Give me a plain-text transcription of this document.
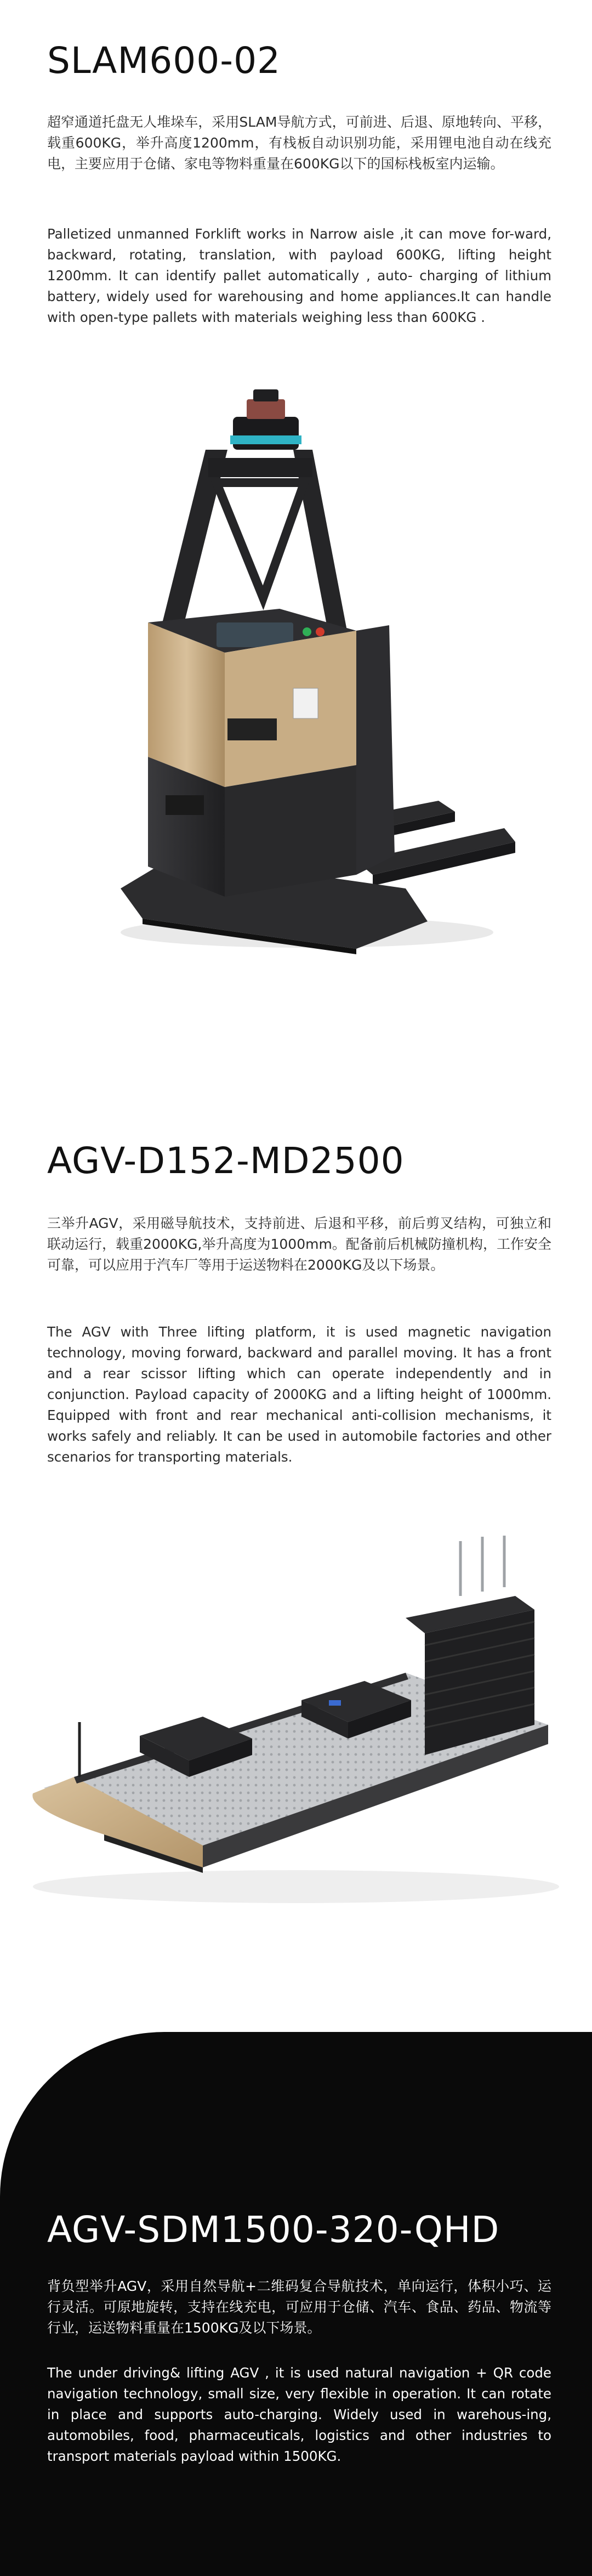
SLAM600-02

超窄通道托盘无人堆垛车，采用SLAM导航方式，可前进、后退、原地转向、平移，载重600KG，举升高度1200mm，有栈板自动识别功能，采用锂电池自动在线充电，主要应用于仓储、家电等物料重量在600KG以下的国标栈板室内运输。

Palletized unmanned Forklift works in Narrow aisle ,it can move for-ward, backward, rotating, translation, with payload 600KG, lifting height 1200mm. It can identify pallet automatically , auto- charging of lithium battery, widely used for warehousing and home appliances.It can handle with open-type pallets with materials weighing less than 600KG .

AGV-D152-MD2500

三举升AGV，采用磁导航技术，支持前进、后退和平移，前后剪叉结构，可独立和联动运行，载重2000KG,举升高度为1000mm。配备前后机械防撞机构，工作安全可靠，可以应用于汽车厂等用于运送物料在2000KG及以下场景。

The AGV with Three lifting platform, it is used magnetic navigation technology, moving forward, backward and parallel moving. It has a front and a rear scissor lifting which can operate independently and in conjunction. Payload capacity of 2000KG and a lifting height of 1000mm. Equipped with front and rear mechanical anti-collision mechanisms, it works safely and reliably. It can be used in automobile factories and other scenarios for transporting materials.

AGV-SDM1500-320-QHD

背负型举升AGV，采用自然导航+二维码复合导航技术，单向运行，体积小巧、运行灵活。可原地旋转，支持在线充电，可应用于仓储、汽车、食品、药品、物流等行业，运送物料重量在1500KG及以下场景。

The under driving& lifting AGV , it is used natural navigation + QR code navigation technology, small size, very flexible in operation. It can rotate in place and supports auto-charging. Widely used in warehous-ing, automobiles, food, pharmaceuticals, logistics and other industries to transport materials payload within 1500KG.
